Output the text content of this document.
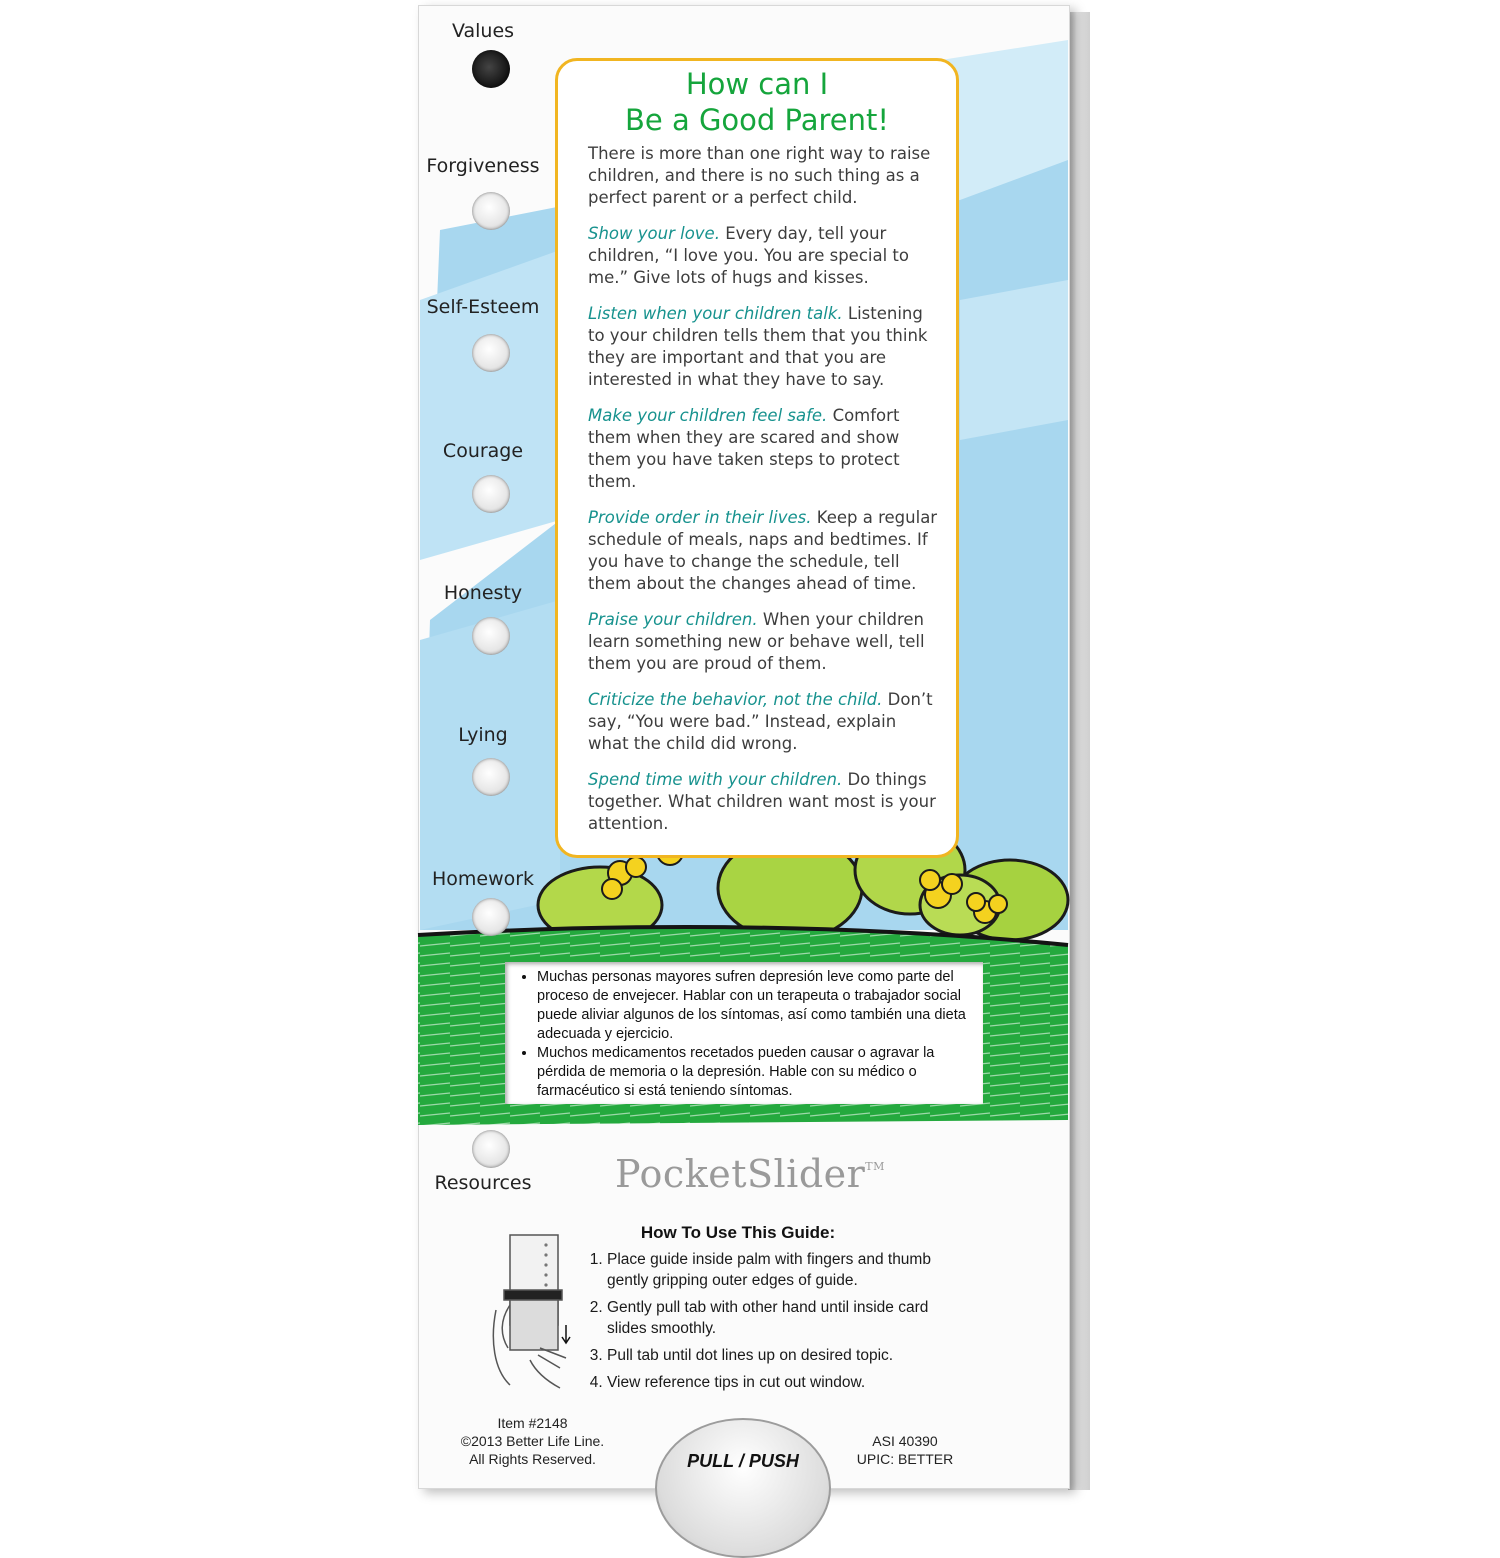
Values
Forgiveness
Self-Esteem
Courage
Honesty
Lying
Homework
Resources
How can I
Be a Good Parent!

There is more than one right way to raise children, and there is no such thing as a perfect parent or a perfect child.

Show your love. Every day, tell your children, “I love you. You are special to me.” Give lots of hugs and kisses.

Listen when your children talk. Listening to your children tells them that you think they are important and that you are interested in what they have to say.

Make your children feel safe. Comfort them when they are scared and show them you have taken steps to protect them.

Provide order in their lives. Keep a regular schedule of meals, naps and bedtimes. If you have to change the schedule, tell them about the changes ahead of time.

Praise your children. When your children learn something new or behave well, tell them you are proud of them.

Criticize the behavior, not the child. Don’t say, “You were bad.” Instead, explain what the child did wrong.

Spend time with your children. Do things together. What children want most is your attention.

• Muchas personas mayores sufren depresión leve como parte del proceso de envejecer. Hablar con un terapeuta o trabajador social puede aliviar algunos de los síntomas, así como también una dieta adecuada y ejercicio.
• Muchos medicamentos recetados pueden causar o agravar la pérdida de memoria o la depresión. Hable con su médico o farmacéutico si está teniendo síntomas.
PocketSlider™
How To Use This Guide:
1. Place guide inside palm with fingers and thumb gently gripping outer edges of guide.
2. Gently pull tab with other hand until inside card slides smoothly.
3. Pull tab until dot lines up on desired topic.
4. View reference tips in cut out window.
Item #2148
©2013 Better Life Line.
All Rights Reserved.
ASI 40390
UPIC: BETTER
PULL / PUSH
